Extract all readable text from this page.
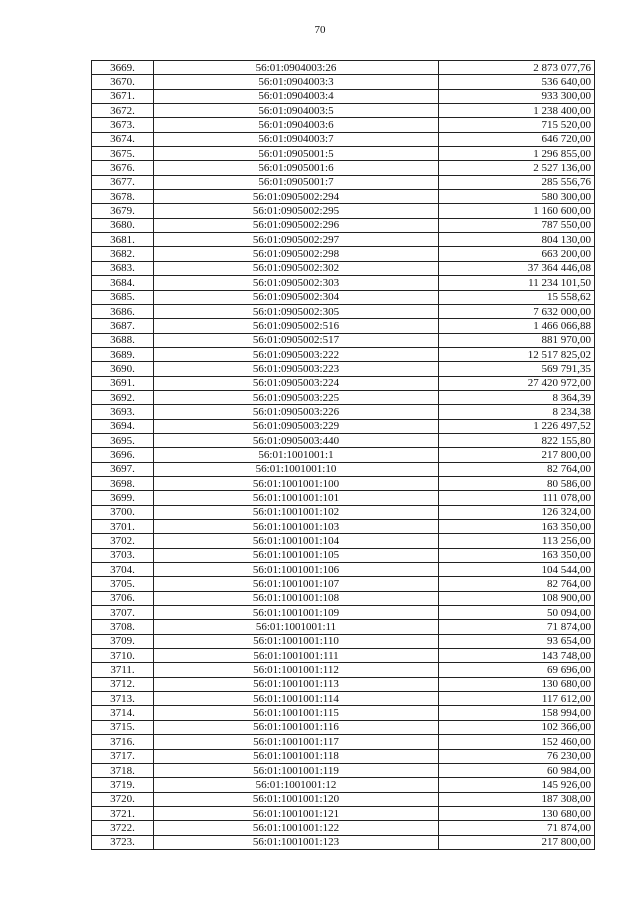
70
3669.	56:01:0904003:26	2 873 077,76
3670.	56:01:0904003:3	536 640,00
3671.	56:01:0904003:4	933 300,00
3672.	56:01:0904003:5	1 238 400,00
3673.	56:01:0904003:6	715 520,00
3674.	56:01:0904003:7	646 720,00
3675.	56:01:0905001:5	1 296 855,00
3676.	56:01:0905001:6	2 527 136,00
3677.	56:01:0905001:7	285 556,76
3678.	56:01:0905002:294	580 300,00
3679.	56:01:0905002:295	1 160 600,00
3680.	56:01:0905002:296	787 550,00
3681.	56:01:0905002:297	804 130,00
3682.	56:01:0905002:298	663 200,00
3683.	56:01:0905002:302	37 364 446,08
3684.	56:01:0905002:303	11 234 101,50
3685.	56:01:0905002:304	15 558,62
3686.	56:01:0905002:305	7 632 000,00
3687.	56:01:0905002:516	1 466 066,88
3688.	56:01:0905002:517	881 970,00
3689.	56:01:0905003:222	12 517 825,02
3690.	56:01:0905003:223	569 791,35
3691.	56:01:0905003:224	27 420 972,00
3692.	56:01:0905003:225	8 364,39
3693.	56:01:0905003:226	8 234,38
3694.	56:01:0905003:229	1 226 497,52
3695.	56:01:0905003:440	822 155,80
3696.	56:01:1001001:1	217 800,00
3697.	56:01:1001001:10	82 764,00
3698.	56:01:1001001:100	80 586,00
3699.	56:01:1001001:101	111 078,00
3700.	56:01:1001001:102	126 324,00
3701.	56:01:1001001:103	163 350,00
3702.	56:01:1001001:104	113 256,00
3703.	56:01:1001001:105	163 350,00
3704.	56:01:1001001:106	104 544,00
3705.	56:01:1001001:107	82 764,00
3706.	56:01:1001001:108	108 900,00
3707.	56:01:1001001:109	50 094,00
3708.	56:01:1001001:11	71 874,00
3709.	56:01:1001001:110	93 654,00
3710.	56:01:1001001:111	143 748,00
3711.	56:01:1001001:112	69 696,00
3712.	56:01:1001001:113	130 680,00
3713.	56:01:1001001:114	117 612,00
3714.	56:01:1001001:115	158 994,00
3715.	56:01:1001001:116	102 366,00
3716.	56:01:1001001:117	152 460,00
3717.	56:01:1001001:118	76 230,00
3718.	56:01:1001001:119	60 984,00
3719.	56:01:1001001:12	145 926,00
3720.	56:01:1001001:120	187 308,00
3721.	56:01:1001001:121	130 680,00
3722.	56:01:1001001:122	71 874,00
3723.	56:01:1001001:123	217 800,00
